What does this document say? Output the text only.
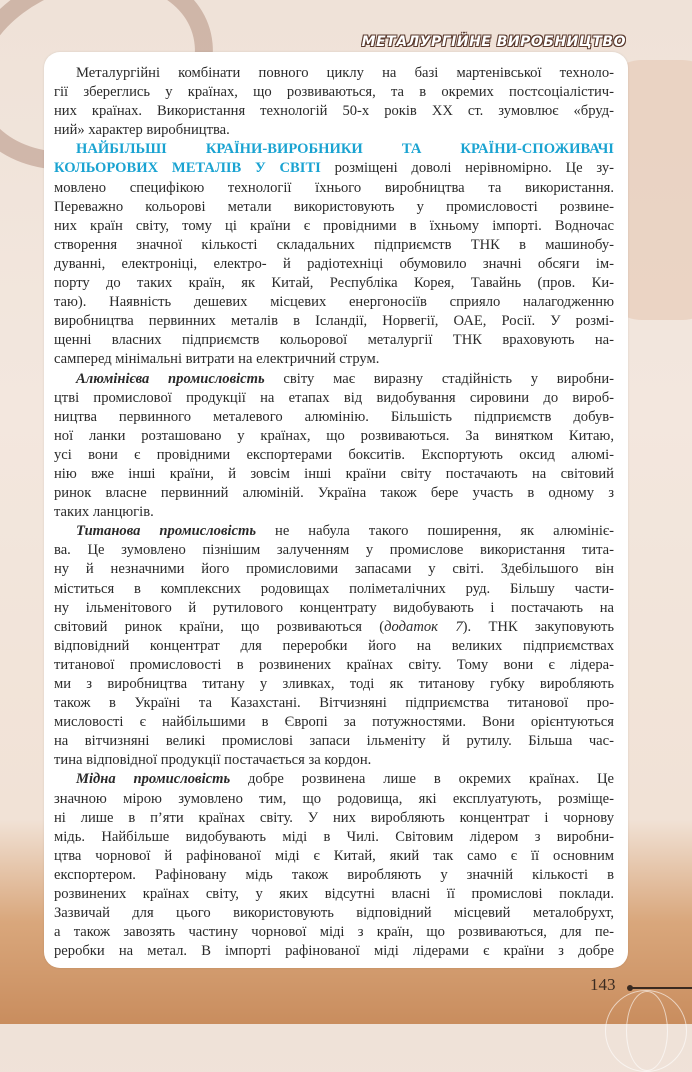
МЕТАЛУРГІЙНЕ ВИРОБНИЦТВО
Металургійні комбінати повного циклу на базі мартенівської техноло-
гії збереглись у країнах, що розвиваються, та в окремих постсоціалістич-
них країнах. Використання технологій 50-х років XX ст. зумовлює «бруд-
ний» характер виробництва.
НАЙБІЛЬШІ КРАЇНИ-ВИРОБНИКИ ТА КРАЇНИ-СПОЖИВАЧІ
КОЛЬОРОВИХ МЕТАЛІВ У СВІТІ розміщені доволі нерівномірно. Це зу-
мовлено специфікою технології їхнього виробництва та використання.
Переважно кольорові метали використовують у промисловості розвине-
них країн світу, тому ці країни є провідними в їхньому імпорті. Водночас
створення значної кількості складальних підприємств ТНК в машинобу-
дуванні, електроніці, електро- й радіотехніці обумовило значні обсяги ім-
порту до таких країн, як Китай, Республіка Корея, Тавайнь (пров. Ки-
таю). Наявність дешевих місцевих енергоносіїв сприяло налагодженню
виробництва первинних металів в Ісландії, Норвегії, ОАЕ, Росії. У розмі-
щенні власних підприємств кольорової металургії ТНК враховують на-
самперед мінімальні витрати на електричний струм.
Алюмінієва промисловість світу має виразну стадійність у виробни-
цтві промислової продукції на етапах від видобування сировини до вироб-
ництва первинного металевого алюмінію. Більшість підприємств добув-
ної ланки розташовано у країнах, що розвиваються. За винятком Китаю,
усі вони є провідними експортерами бокситів. Експортують оксид алюмі-
нію вже інші країни, й зовсім інші країни світу постачають на світовий
ринок власне первинний алюміній. Україна також бере участь в одному з
таких ланцюгів.
Титанова промисловість не набула такого поширення, як алюмініє-
ва. Це зумовлено пізнішим залученням у промислове використання тита-
ну й незначними його промисловими запасами у світі. Здебільшого він
міститься в комплексних родовищах поліметалічних руд. Більшу части-
ну ільменітового й рутилового концентрату видобувають і постачають на
світовий ринок країни, що розвиваються (додаток 7). ТНК закуповують
відповідний концентрат для переробки його на великих підприємствах
титанової промисловості в розвинених країнах світу. Тому вони є лідера-
ми з виробництва титану у зливках, тоді як титанову губку виробляють
також в Україні та Казахстані. Вітчизняні підприємства титанової про-
мисловості є найбільшими в Європі за потужностями. Вони орієнтуються
на вітчизняні великі промислові запаси ільменіту й рутилу. Більша час-
тина відповідної продукції постачається за кордон.
Мідна промисловість добре розвинена лише в окремих країнах. Це
значною мірою зумовлено тим, що родовища, які експлуатують, розміще-
ні лише в п’яти країнах світу. У них виробляють концентрат і чорнову
мідь. Найбільше видобувають міді в Чилі. Світовим лідером з виробни-
цтва чорнової й рафінованої міді є Китай, який так само є її основним
експортером. Рафіновану мідь також виробляють у значній кількості в
розвинених країнах світу, у яких відсутні власні її промислові поклади.
Зазвичай для цього використовують відповідний місцевий металобрухт,
а також завозять частину чорнової міді з країн, що розвиваються, для пе-
реробки на метал. В імпорті рафінованої міді лідерами є країни з добре
143
